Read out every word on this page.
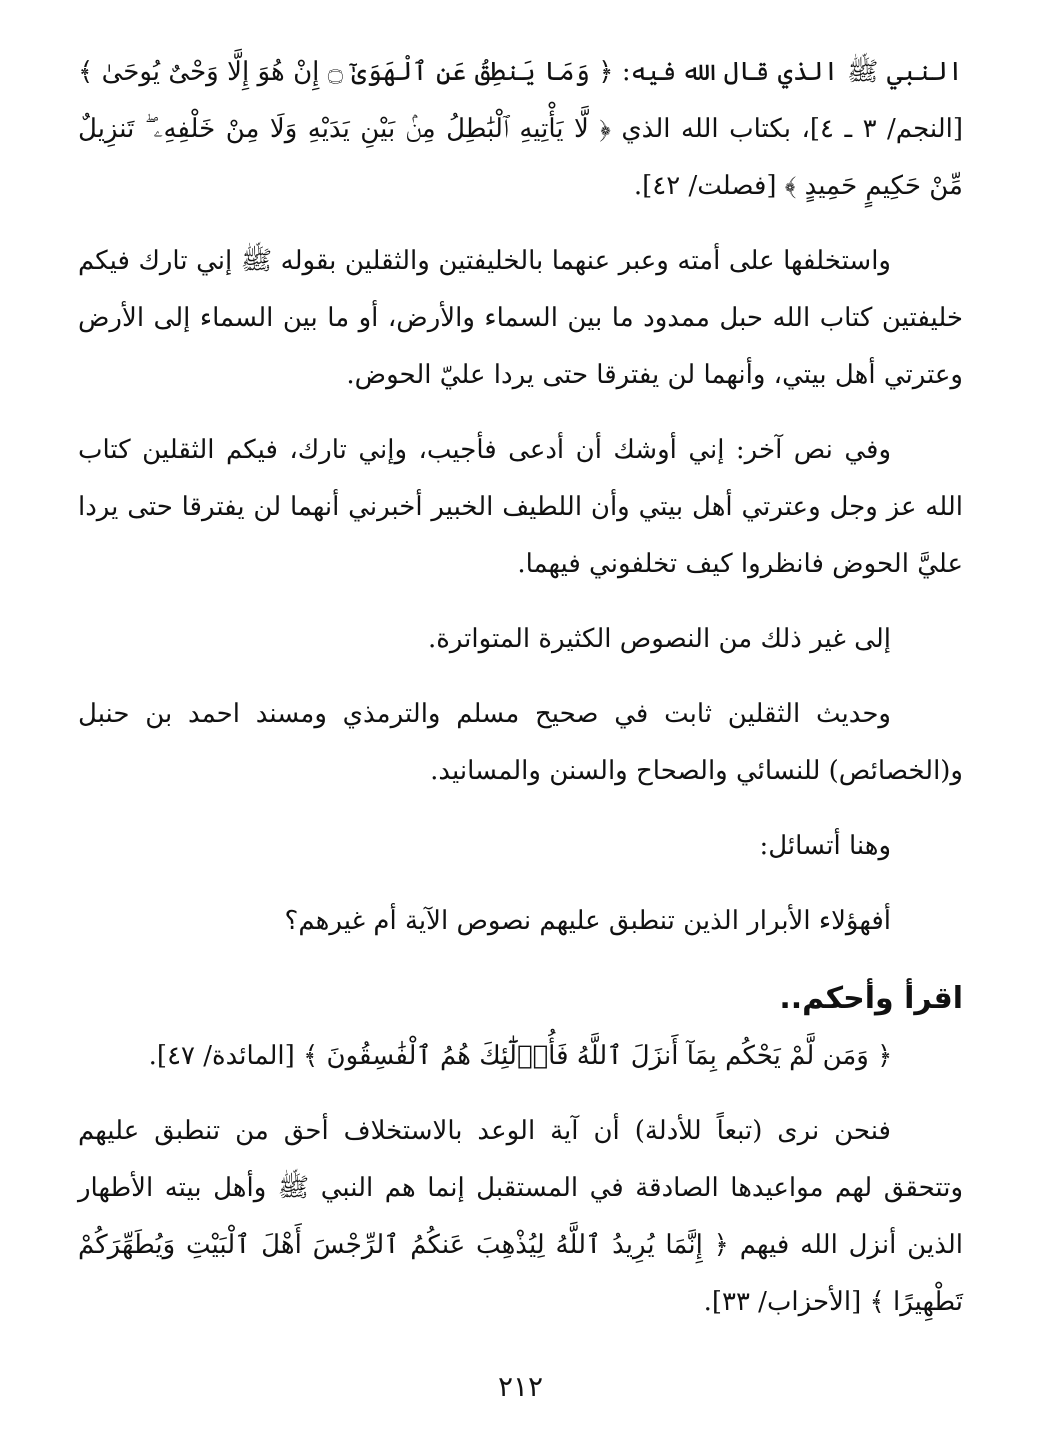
النبي ﷺ الذي قال الله فيه: ﴿ وَمَا يَنطِقُ عَنِ ٱلْهَوَىٰٓ ۝ إِنْ هُوَ إِلَّا وَحْىٌ يُوحَىٰ ﴾ [النجم/ ٣ ـ ٤]، بكتاب الله الذي ﴿ لَّا يَأْتِيهِ ٱلْبَٰطِلُ مِنۢ بَيْنِ يَدَيْهِ وَلَا مِنْ خَلْفِهِۦ ۖ تَنزِيلٌ مِّنْ حَكِيمٍ حَمِيدٍ ﴾ [فصلت/ ٤٢].

واستخلفها على أمته وعبر عنهما بالخليفتين والثقلين بقوله ﷺ إني تارك فيكم خليفتين كتاب الله حبل ممدود ما بين السماء والأرض، أو ما بين السماء إلى الأرض وعترتي أهل بيتي، وأنهما لن يفترقا حتى يردا عليّ الحوض.

وفي نص آخر: إني أوشك أن أدعى فأجيب، وإني تارك، فيكم الثقلين كتاب الله عز وجل وعترتي أهل بيتي وأن اللطيف الخبير أخبرني أنهما لن يفترقا حتى يردا عليَّ الحوض فانظروا كيف تخلفوني فيهما.

إلى غير ذلك من النصوص الكثيرة المتواترة.

وحديث الثقلين ثابت في صحيح مسلم والترمذي ومسند احمد بن حنبل و(الخصائص) للنسائي والصحاح والسنن والمسانيد.

وهنا أتسائل:

أفهؤلاء الأبرار الذين تنطبق عليهم نصوص الآية أم غيرهم؟

اقرأ وأحكم..

﴿ وَمَن لَّمْ يَحْكُم بِمَآ أَنزَلَ ٱللَّهُ فَأُو۟لَٰٓئِكَ هُمُ ٱلْفَٰسِقُونَ ﴾ [المائدة/ ٤٧].

فنحن نرى (تبعاً للأدلة) أن آية الوعد بالاستخلاف أحق من تنطبق عليهم وتتحقق لهم مواعيدها الصادقة في المستقبل إنما هم النبي ﷺ وأهل بيته الأطهار الذين أنزل الله فيهم ﴿ إِنَّمَا يُرِيدُ ٱللَّهُ لِيُذْهِبَ عَنكُمُ ٱلرِّجْسَ أَهْلَ ٱلْبَيْتِ وَيُطَهِّرَكُمْ تَطْهِيرًا ﴾ [الأحزاب/ ٣٣].

٢١٢
